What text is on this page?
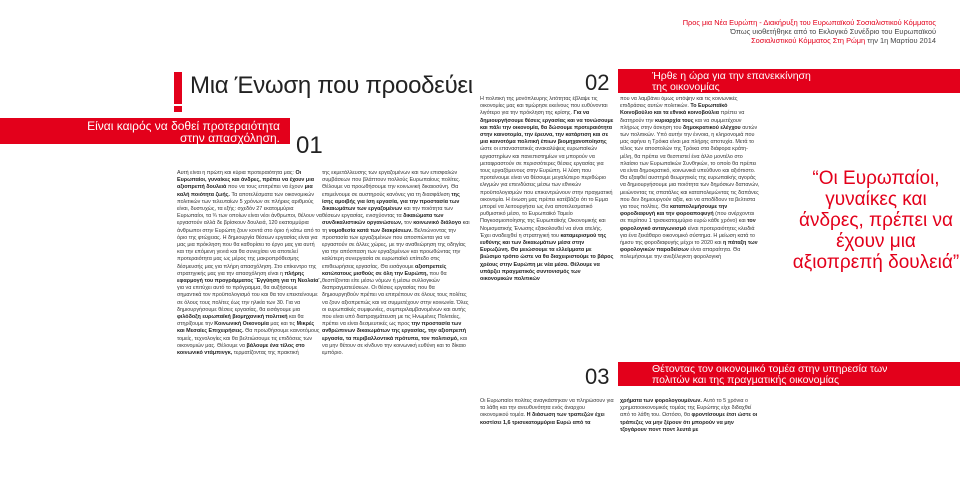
Μια Ένωση που προοδεύει
Είναι καιρός να δοθεί προτεραιότητα
στην απασχόληση. 01

Αυτή είναι η πρώτη και κύρια προτεραιότητα μας: Οι Ευρωπαίοι, γυναίκες και άνδρες, πρέπει να έχουν μια αξιοπρεπή δουλειά που να τους επιτρέπει να έχουν μια καλή ποιότητα ζωής. Τα αποτελέσματα των οικονομικών πολιτικών των τελευταίων 5 χρόνων σε πλήρεις αριθμούς είναι, δυστυχώς, τα εξής: σχεδόν 27 εκατομμύρια Ευρωπαίοι, τα ¾ των οποίων είναι νέοι άνθρωποι, θέλουν να εργαστούν αλλά δε βρίσκουν δουλειά, 120 εκατομμύρια άνθρωποι στην Ευρώπη ζουν κοντά στο όριο ή κάτω από το όριο της φτώχειας. Η δημιουργία θέσεων εργασίας είναι για μας μια πρόκληση που θα καθορίσει το έργο μας για αυτή και την επόμενη γενιά και θα συνεχίσει να αποτελεί προτεραιότητα μας ως μέρος της μακροπρόθεσμης δέσμευσής μας για πλήρη απασχόληση. Στο επίκεντρο της στρατηγικής μας για την απασχόληση είναι η πλήρης εφαρμογή του προγράμματος ¨Εγγύηση για τη Νεολαία¨, για να επιτύχει αυτό το πρόγραμμα, θα αυξήσουμε σημαντικά τον προϋπολογισμό του και θα τον επεκτείνουμε σε όλους τους πολίτες έως την ηλικία των 30. Για να δημιουργήσουμε θέσεις εργασίας, θα εισάγουμε μια φιλόδοξη ευρωπαϊκή βιομηχανική πολιτική και θα στηρίξουμε την Κοινωνική Οικονομία μας και τις Μικρές και Μεσαίες Επιχειρήσεις. Θα προωθήσουμε καινοτόμους τομείς, τεχνολογίες και θα βελτιώσουμε τις επιδόσεις των οικονομιών μας. Θέλουμε να βάλουμε ένα τέλος στο κοινωνικό ντάμπινγκ, τερματίζοντας της πρακτική

της εκμετάλλευσης των εργαζομένων και των επισφαλών συμβάσεων που βλάπτουν πολλούς Ευρωπαίους πολίτες. Θέλουμε να προωθήσουμε την κοινωνική δικαιοσύνη. Θα επιμείνουμε σε αυστηρούς κανόνες για τη διασφάλιση της ίσης αμοιβής για ίση εργασία, για την προστασία των δικαιωμάτων των εργαζομένων και την ποιότητα των θέσεων εργασίας, ενισχύοντας τα δικαιώματα των συνδικαλιστικών οργανώσεων, τον κοινωνικό διάλογο και τη νομοθεσία κατά των διακρίσεων. Βελτιώνοντας την προστασία των εργαζομένων που αποσπώνται για να εργαστούν σε άλλες χώρες, με την αναθεώρηση της οδηγίας για την απόσπαση των εργαζομένων και προωθώντας την καλύτερη συνεργασία σε ευρωπαϊκό επίπεδο στις επιθεωρήσεις εργασίας. Θα εισάγουμε αξιοπρεπείς κατώτατους μισθούς σε όλη την Ευρώπη, που θα θεσπίζονται είτε μέσω νόμων ή μέσω συλλογικών διαπραγματεύσεων. Οι θέσεις εργασίας που θα δημιουργηθούν πρέπει να επιτρέπουν σε όλους τους πολίτες να ζουν αξιοπρεπώς και να συμμετέχουν στην κοινωνία. Όλες οι ευρωπαϊκές συμφωνίες, συμπεριλαμβανομένων και αυτής που είναι υπό διαπραγμάτευση με τις Ηνωμένες Πολιτείες, πρέπει να είναι δεσμευτικές ως προς την προστασία των ανθρώπινων δικαιωμάτων της εργασίας, την αξιοπρεπή εργασία, τα περιβαλλοντικά πρότυπα, τον πολιτισμό, και να μην θέτουν σε κίνδυνο την κοινωνική ευθύνη και το δίκαιο εμπόριο.

Προς μια Νέα Ευρώπη - Διακήρυξη του Ευρωπαϊκού Σοσιαλιστικού Κόμματος
Όπως υιοθετήθηκε από το Εκλογικό Συνέδριο του Ευρωπαϊκού
Σοσιαλιστικού Κόμματος Στη Ρώμη την 1η Μαρτίου 2014
02	Ήρθε η ώρα για την επανεκκίνηση
της οικονομίας

Η πολιτική της μονόπλευρης λιτότητας έβλαψε τις οικονομίες μας και τιμώρησε εκείνους που ευθύνονται λιγότερο για την πρόκληση της κρίσης. Για να δημιουργήσουμε θέσεις εργασίας και να τονώσουμε και πάλι την οικονομία, θα δώσουμε προτεραιότητα στην καινοτομία, την έρευνα, την κατάρτιση και σε μια καινοτόμα πολιτική έπιων βιομηχανοποίησης ώστε οι επαναστατικές ανακαλύψεις ευρωπαϊκών εργαστηρίων και πανεπιστημίων να μπορούν να μεταφραστούν σε περισσότερες θέσεις εργασίας για τους εργαζόμενους στην Ευρώπη. Η λύση που προτείνουμε είναι να θέσουμε μεγαλύτερο περιθώριο ελιγμών για επενδύσεις μέσω των εθνικών προϋπολογισμών που επικεντρώνουν στην πραγματική οικονομία. Η ένωση μας πρέπει κατέβάζει ότι το Εμμα μπορεί να λειτουργήσει ως ένα αποτελεσματικό ρυθμιστικό μέσο, το Ευρωπαϊκό Ταμείο Παγκοσμιοποίησης της Ευρωπαϊκής Οικονομικής και Νομισματικής Ένωσης εξακολουθεί να είναι ατελής. Έχει αναδειχθεί η στρατηγική του καταμερισμού της ευθύνης και των δικαιωμάτων μέσα στην Ευρωζώνη. Θα μειώσουμε τα ελλείμματα με βιώσιμο τρόπο ώστε να θα διαχειριστούμε το βάρος χρέους στην Ευρώπη με νέα μέσα. Θέλουμε να υπάρξει πραγματικός συντονισμός των οικονομικών πολιτικών

που να λαμβάνει όμως υπόψην και τις κοινωνικές επιδράσεις αυτών πολιτικών. Το Ευρωπαϊκό Κοινοβούλιο και τα εθνικά κοινοβούλια πρέπει να διατηρούν την κυριαρχία τους και να συμμετέχουν πλήρως στην άσκηση του δημοκρατικού ελέγχου αυτών των πολιτικών. Υπό αυτήν την έννοια, η κληρονομιά που μας αφήνει η Τρόικα είναι μια πλήρης αποτυχία. Μετά το τέλος των αποστολών της Τρόικα στα διάφορα κράτη-μέλη, θα πρέπει να θεσπιστεί ένα άλλο μοντέλο στο πλαίσιο των Ευρωπαϊκών Συνθηκών, το οποίο θα πρέπει να είναι δημοκρατικό, κοινωνικά υπεύθυνο και αξιόπιστο. Θα εξαφθεί αυστηρά θεωρητικές της ευρωπαϊκής αγοράς να δημιουργήσουμε μια ποιότητα των δημόσιων δαπανών, μειώνοντας τις σπατάλες και καταπολεμώντας τις δαπάνες που δεν δημιουργούν αξία, και να αποδίδουν τα βελτιστα για τους πολίτες. Θα καταπολεμήσουμε την φοροδιαφυγή και την φοροαποφυγή (που ανέρχονται σε περίπου 1 τρισεκατομμύριο ευρώ κάθε χρόνο) και τον φορολογικό ανταγωνισμό είναι προτεραιότητες κλειδιά για ένα ξεκάθαρο οικονομικό σύστημα. Η μείωση κατά το ήμισυ της φοροδιαφυγής μέχρι το 2020 και η πάταξη των φορολογικών παραδείσων είναι απαραίτητα. Θα πολεμήσουμε την ανεξέλεγκτη φορολογική

“Οι Ευρωπαίοι, γυναίκες και άνδρες, πρέπει να έχουν μια αξιοπρεπή δουλειά”
03	Θέτοντας τον οικονομικό τομέα στην υπηρεσία των
πολιτών και της πραγματικής οικονομίας

Οι Ευρωπαίοι πολίτες αναγκάστηκαν να πληρώσουν για τα λάθη και την ανευθυνότητα ενός άναρχου οικονομικού τομέα. Η διάσωση των τραπεζών έχει κοστίσει 1,6 τρισεκατομμύρια Ευρώ από τα

χρήματα των φορολογουμένων. Αυτό το 5 χρόνια ο χρηματοοικονομικός τομέας της Ευρώπης είχε διδαχθεί από το λάθη του. Ωστόσο, θα φροντίσουμε έτσι ώστε οι τράπεζες να μην ξέρουν ότι μπορούν να μην τζογάρουν ποντ ποντ λευτά με
